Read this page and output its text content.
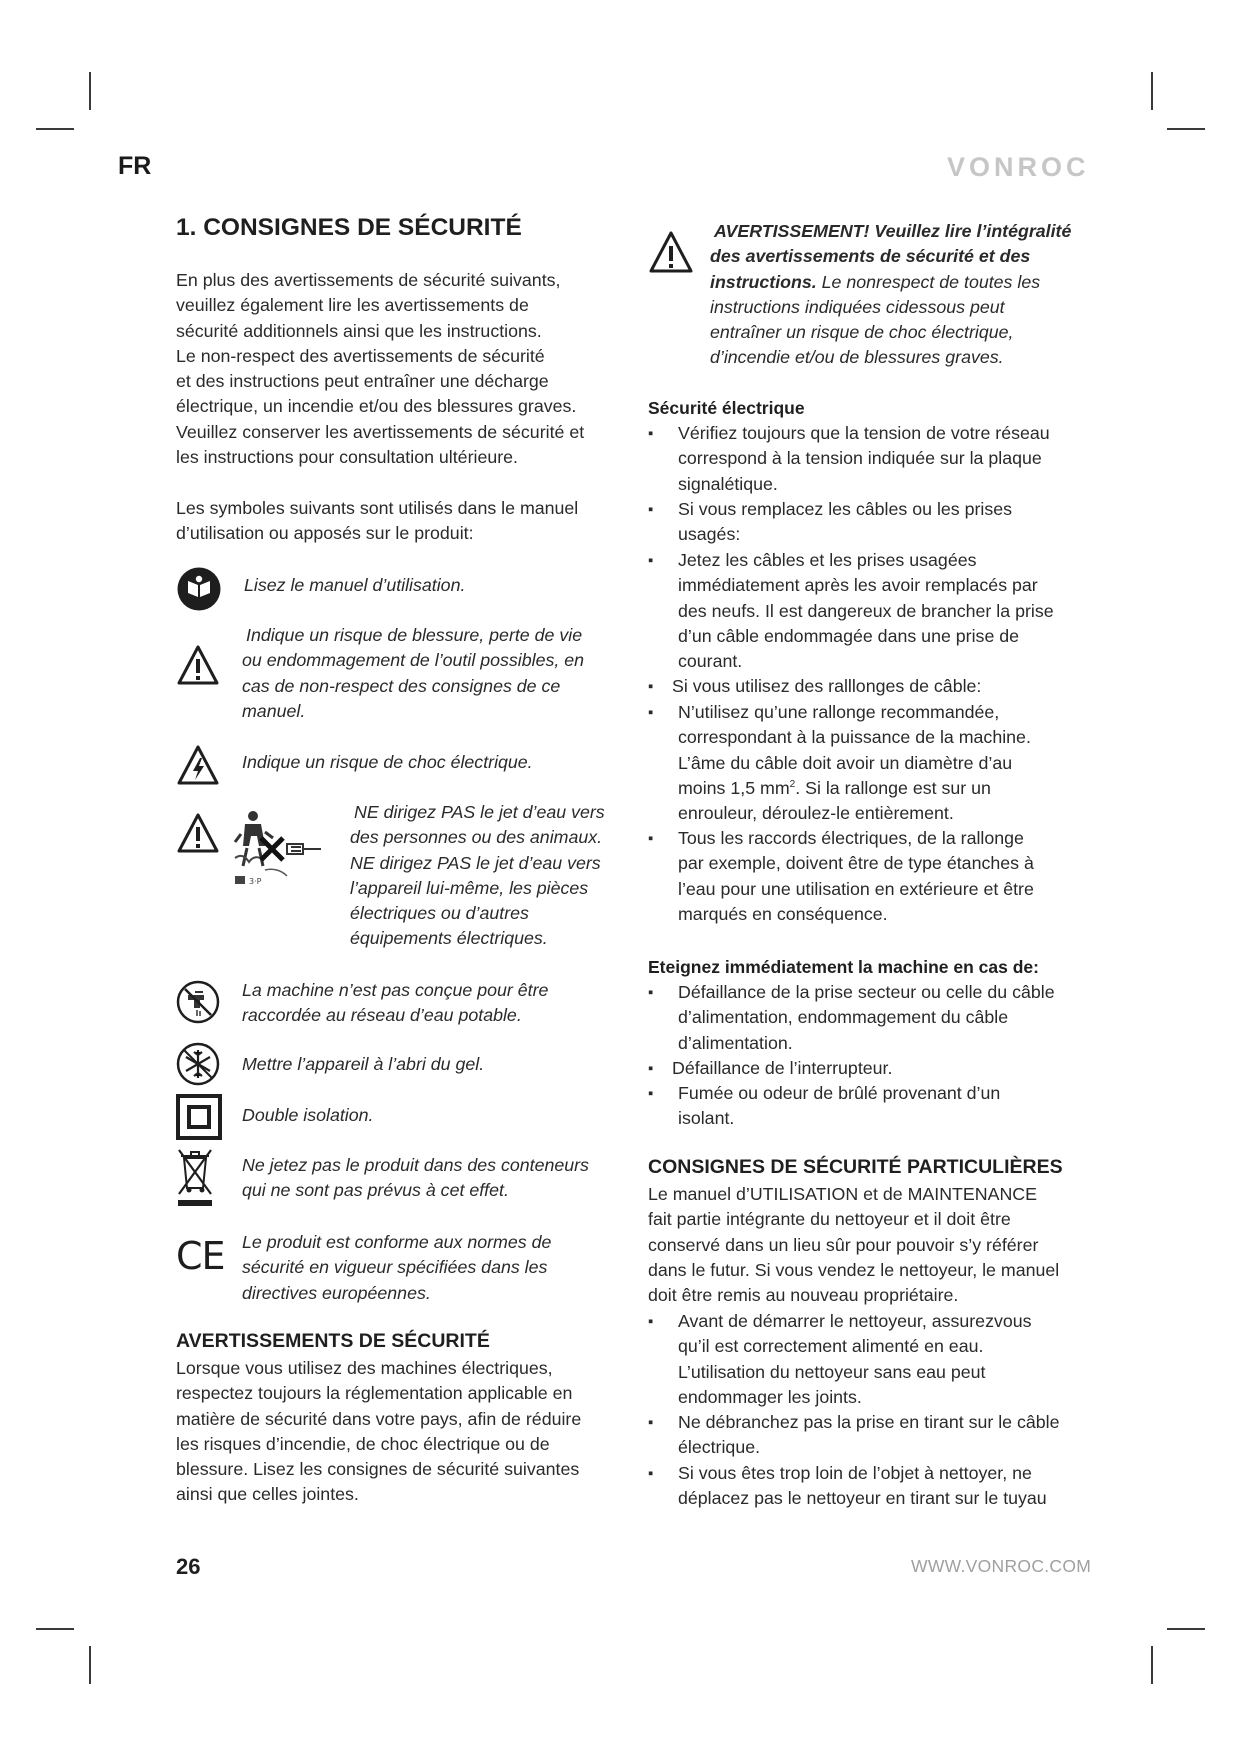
FR	VONROC
1. CONSIGNES DE SÉCURITÉ
En plus des avertissements de sécurité suivants,
veuillez également lire les avertissements de
sécurité additionnels ainsi que les instructions.
Le non-respect des avertissements de sécurité
et des instructions peut entraîner une décharge
électrique, un incendie et/ou des blessures graves.
Veuillez conserver les avertissements de sécurité et
les instructions pour consultation ultérieure.
Les symboles suivants sont utilisés dans le manuel
d’utilisation ou apposés sur le produit:
Lisez le manuel d’utilisation.
Indique un risque de blessure, perte de vie
ou endommagement de l’outil possibles, en
cas de non-respect des consignes de ce
manuel.
Indique un risque de choc électrique.
3·P
NE dirigez PAS le jet d’eau vers
des personnes ou des animaux.
NE dirigez PAS le jet d’eau vers
l’appareil lui-même, les pièces
électriques ou d’autres
équipements électriques.
La machine n’est pas conçue pour être
raccordée au réseau d’eau potable.
Mettre l’appareil à l’abri du gel.
Double isolation.
Ne jetez pas le produit dans des conteneurs
qui ne sont pas prévus à cet effet.
CE Le produit est conforme aux normes de
sécurité en vigueur spécifiées dans les
directives européennes.
AVERTISSEMENTS DE SÉCURITÉ
Lorsque vous utilisez des machines électriques,
respectez toujours la réglementation applicable en
matière de sécurité dans votre pays, afin de réduire
les risques d’incendie, de choc électrique ou de
blessure. Lisez les consignes de sécurité suivantes
ainsi que celles jointes.
AVERTISSEMENT! Veuillez lire l’intégralité
des avertissements de sécurité et des
instructions. Le nonrespect de toutes les
instructions indiquées cidessous peut
entraîner un risque de choc électrique,
d’incendie et/ou de blessures graves.
Sécurité électrique
▪	Vérifiez toujours que la tension de votre réseau
correspond à la tension indiquée sur la plaque
signalétique.
▪	Si vous remplacez les câbles ou les prises
usagés:
▪	Jetez les câbles et les prises usagées
immédiatement après les avoir remplacés par
des neufs. Il est dangereux de brancher la prise
d’un câble endommagée dans une prise de
courant.
▪	Si vous utilisez des ralllonges de câble:
▪	N’utilisez qu’une rallonge recommandée,
correspondant à la puissance de la machine.
L’âme du câble doit avoir un diamètre d’au
moins 1,5 $mm^2$. Si la rallonge est sur un
enrouleur, déroulez-le entièrement.
▪	Tous les raccords électriques, de la rallonge
par exemple, doivent être de type étanches à
l’eau pour une utilisation en extérieure et être
marqués en conséquence.
Eteignez immédiatement la machine en cas de:
▪	Défaillance de la prise secteur ou celle du câble
d’alimentation, endommagement du câble
d’alimentation.
▪	Défaillance de l’interrupteur.
▪	Fumée ou odeur de brûlé provenant d’un
isolant.
CONSIGNES DE SÉCURITÉ PARTICULIÈRES
Le manuel d’UTILISATION et de MAINTENANCE
fait partie intégrante du nettoyeur et il doit être
conservé dans un lieu sûr pour pouvoir s’y référer
dans le futur. Si vous vendez le nettoyeur, le manuel
doit être remis au nouveau propriétaire.
▪	Avant de démarrer le nettoyeur, assurezvous
qu’il est correctement alimenté en eau.
L’utilisation du nettoyeur sans eau peut
endommager les joints.
▪	Ne débranchez pas la prise en tirant sur le câble
électrique.
▪	Si vous êtes trop loin de l’objet à nettoyer, ne
déplacez pas le nettoyeur en tirant sur le tuyau
26	WWW.VONROC.COM
